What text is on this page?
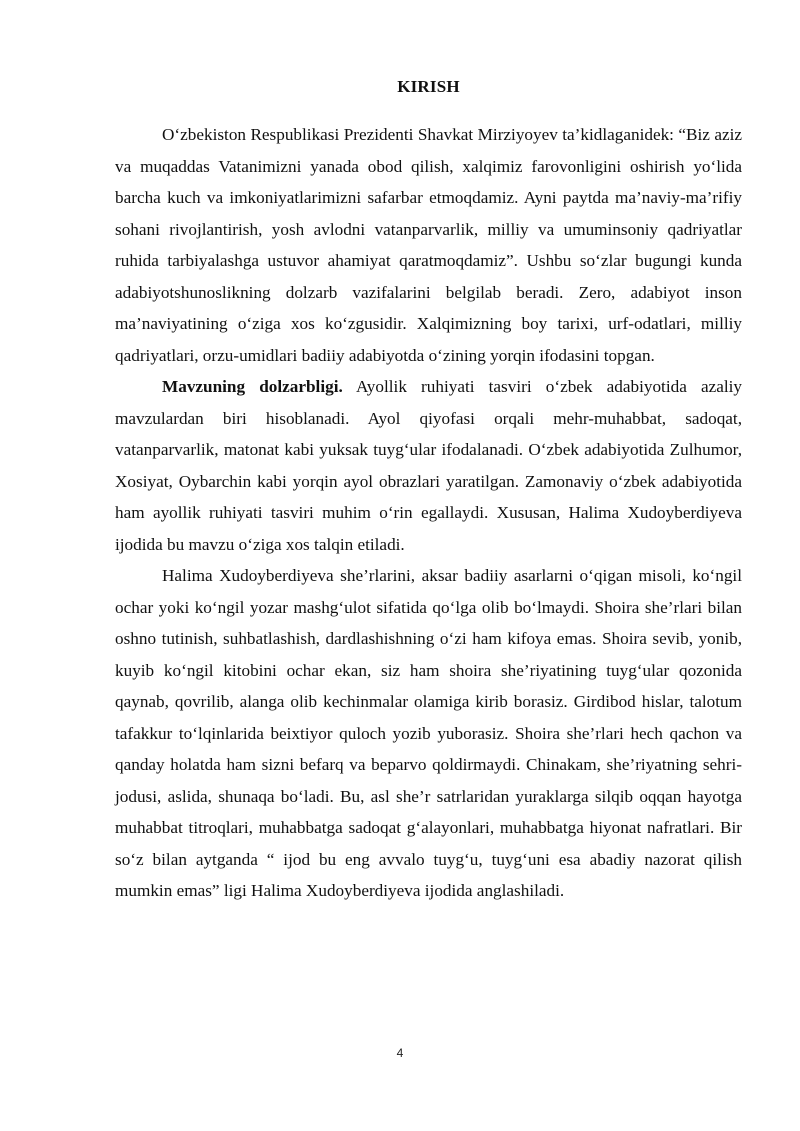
KIRISH

O‘zbekiston Respublikasi Prezidenti Shavkat Mirziyoyev ta’kidlaganidek: “Biz aziz va muqaddas Vatanimizni yanada obod qilish, xalqimiz farovonligini oshirish yo‘lida barcha kuch va imkoniyatlarimizni safarbar etmoqdamiz. Ayni paytda ma’naviy-ma’rifiy sohani rivojlantirish, yosh avlodni vatanparvarlik, milliy va umuminsoniy qadriyatlar ruhida tarbiyalashga ustuvor ahamiyat qaratmoqdamiz”. Ushbu so‘zlar bugungi kunda adabiyotshunoslikning dolzarb vazifalarini belgilab beradi. Zero, adabiyot inson ma’naviyatining o‘ziga xos ko‘zgusidir. Xalqimizning boy tarixi, urf-odatlari, milliy qadriyatlari, orzu-umidlari badiiy adabiyotda o‘zining yorqin ifodasini topgan.

Mavzuning dolzarbligi. Ayollik ruhiyati tasviri o‘zbek adabiyotida azaliy mavzulardan biri hisoblanadi. Ayol qiyofasi orqali mehr-muhabbat, sadoqat, vatanparvarlik, matonat kabi yuksak tuyg‘ular ifodalanadi. O‘zbek adabiyotida Zulhumor, Xosiyat, Oybarchin kabi yorqin ayol obrazlari yaratilgan. Zamonaviy o‘zbek adabiyotida ham ayollik ruhiyati tasviri muhim o‘rin egallaydi. Xususan, Halima Xudoyberdiyeva ijodida bu mavzu o‘ziga xos talqin etiladi.

Halima Xudoyberdiyeva she’rlarini, aksar badiiy asarlarni o‘qigan misoli, ko‘ngil ochar yoki ko‘ngil yozar mashg‘ulot sifatida qo‘lga olib bo‘lmaydi. Shoira she’rlari bilan oshno tutinish, suhbatlashish, dardlashishning o‘zi ham kifoya emas. Shoira sevib, yonib, kuyib ko‘ngil kitobini ochar ekan, siz ham shoira she’riyatining tuyg‘ular qozonida qaynab, qovrilib, alanga olib kechinmalar olamiga kirib borasiz. Girdibod hislar, talotum tafakkur to‘lqinlarida beixtiyor quloch yozib yuborasiz. Shoira she’rlari hech qachon va qanday holatda ham sizni befarq va beparvo qoldirmaydi. Chinakam, she’riyatning sehri-jodusi, aslida, shunaqa bo‘ladi. Bu, asl she’r satrlaridan yuraklarga silqib oqqan hayotga muhabbat titroqlari, muhabbatga sadoqat g‘alayonlari, muhabbatga hiyonat nafratlari. Bir so‘z bilan aytganda “ ijod bu eng avvalo tuyg‘u, tuyg‘uni esa abadiy nazorat qilish mumkin emas” ligi Halima Xudoyberdiyeva ijodida anglashiladi.

4
